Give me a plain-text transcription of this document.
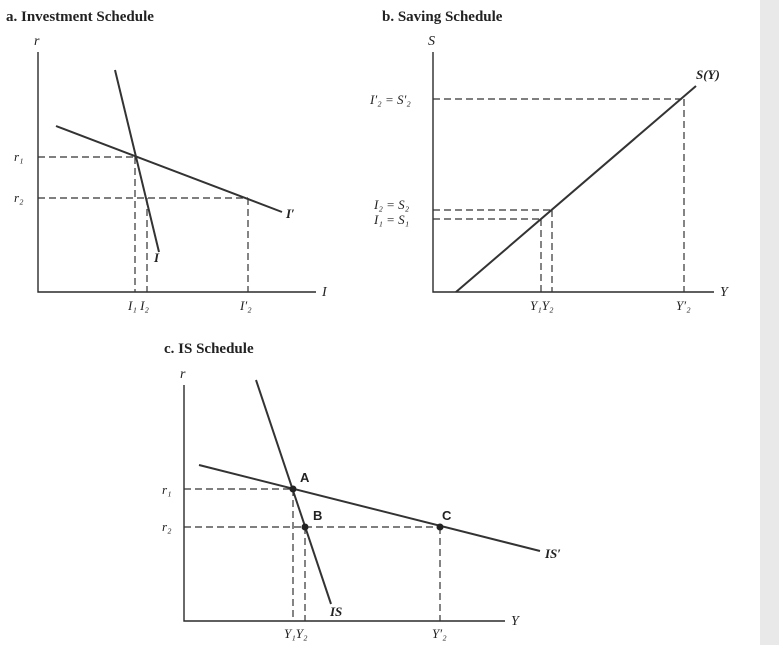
a. Investment Schedule
r
I
r₁
r₂
I
I′
I₁ I₂	I′₂
b. Saving Schedule
S
Y
S(Y)
I′₂ = S′₂
I₂ = S₂
I₁ = S₁
Y₁Y₂	Y′₂
c. IS Schedule
r
Y
A
B	C
r₁
r₂
IS
IS′
Y₁Y₂	Y′₂
